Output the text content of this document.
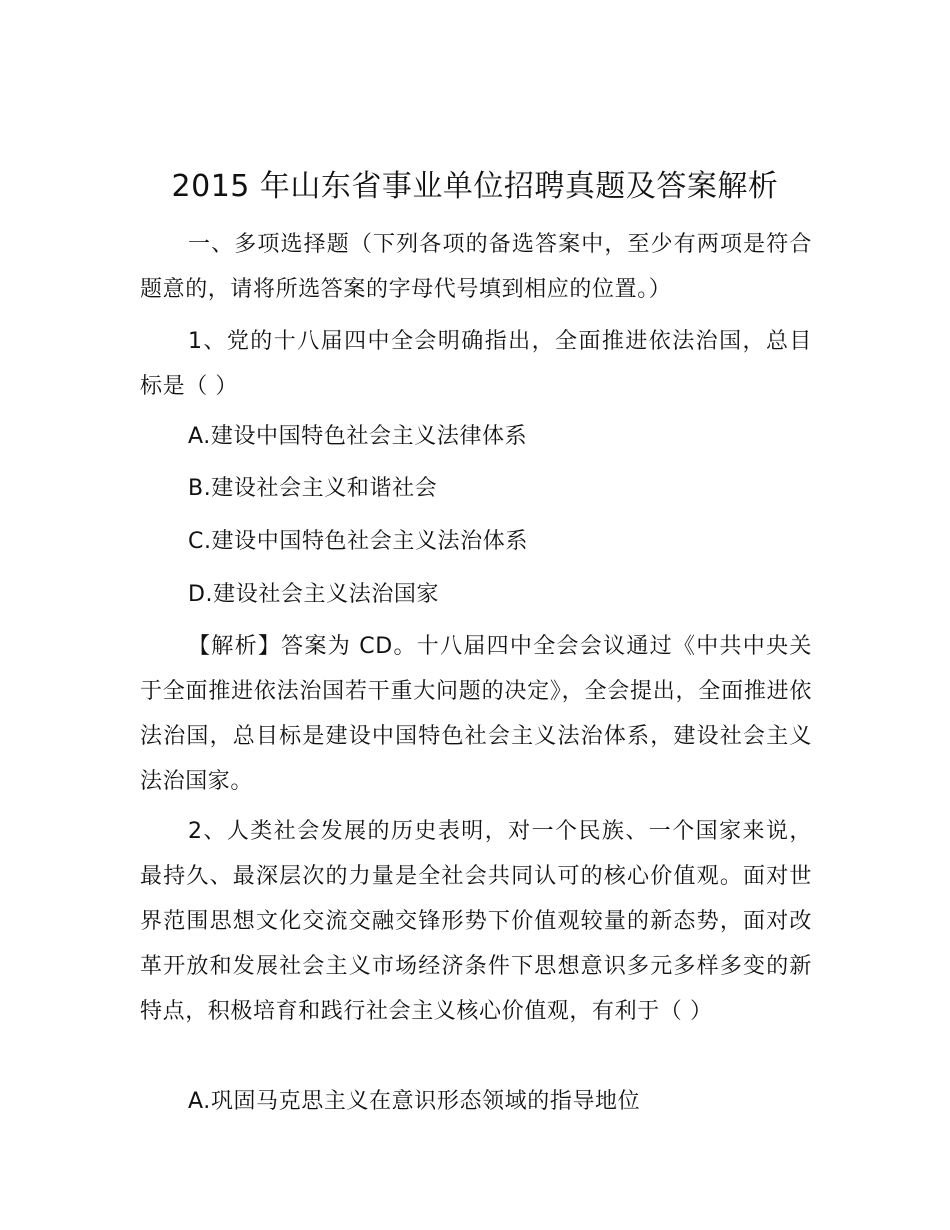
2015 年山东省事业单位招聘真题及答案解析
一、多项选择题（下列各项的备选答案中，至少有两项是符合题意的，请将所选答案的字母代号填到相应的位置。）
1、党的十八届四中全会明确指出，全面推进依法治国，总目标是（ ）
A.建设中国特色社会主义法律体系
B.建设社会主义和谐社会
C.建设中国特色社会主义法治体系
D.建设社会主义法治国家
【解析】答案为 CD。十八届四中全会会议通过《中共中央关于全面推进依法治国若干重大问题的决定》，全会提出，全面推进依法治国，总目标是建设中国特色社会主义法治体系，建设社会主义法治国家。
2、人类社会发展的历史表明，对一个民族、一个国家来说，最持久、最深层次的力量是全社会共同认可的核心价值观。面对世界范围思想文化交流交融交锋形势下价值观较量的新态势，面对改革开放和发展社会主义市场经济条件下思想意识多元多样多变的新特点，积极培育和践行社会主义核心价值观，有利于（ ）
A.巩固马克思主义在意识形态领域的指导地位
